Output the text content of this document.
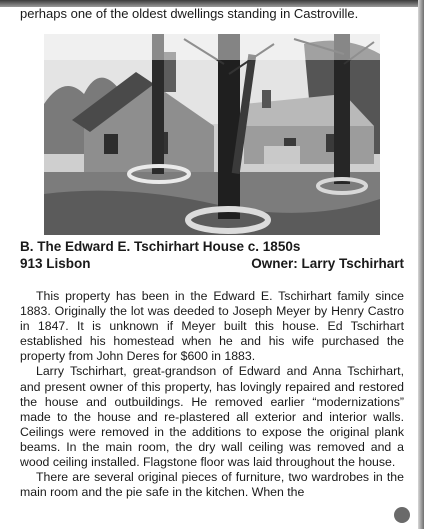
perhaps one of the oldest dwellings standing in Castroville.
B. The Edward E. Tschirhart House c. 1850s
913 Lisbon	Owner: Larry Tschirhart

This property has been in the Edward E. Tschirhart family since 1883. Originally the lot was deeded to Joseph Meyer by Henry Castro in 1847. It is unknown if Meyer built this house. Ed Tschirhart established his homestead when he and his wife purchased the property from John Deres for $600 in 1883.

Larry Tschirhart, great-grandson of Edward and Anna Tschirhart, and present owner of this property, has lovingly repaired and restored the house and outbuildings. He removed earlier “modernizations” made to the house and re-plastered all exterior and interior walls. Ceilings were removed in the additions to expose the original plank beams. In the main room, the dry wall ceiling was removed and a wood ceiling installed. Flagstone floor was laid throughout the house.

There are several original pieces of furniture, two wardrobes in the main room and the pie safe in the kitchen. When the
